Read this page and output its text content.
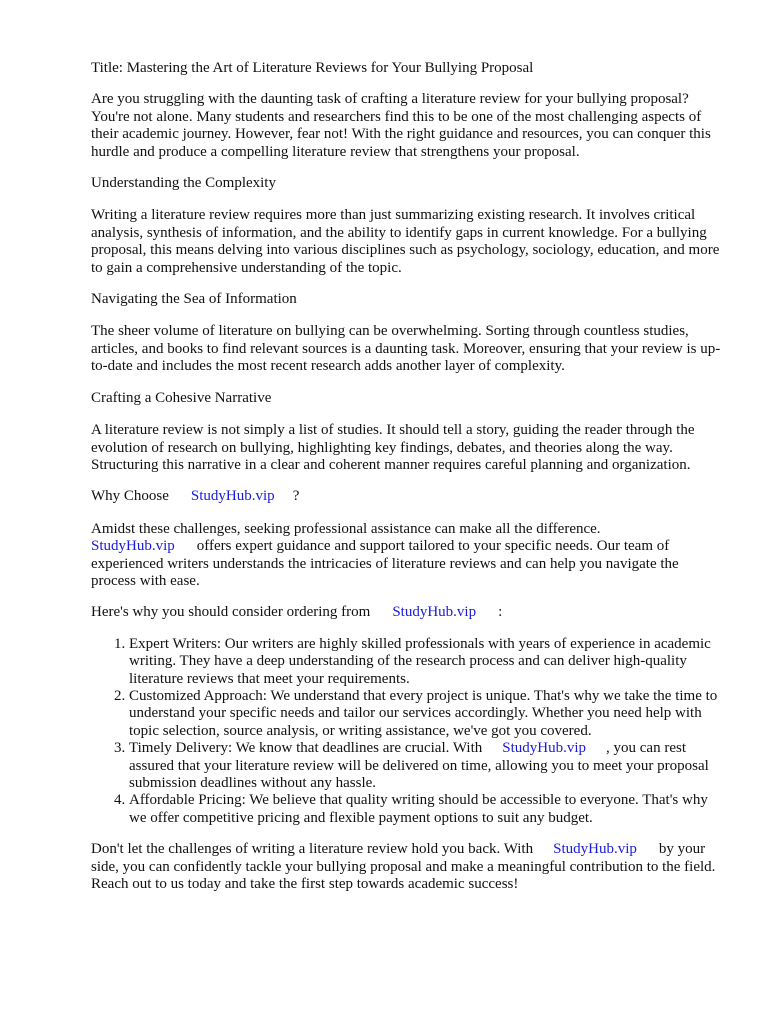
Title: Mastering the Art of Literature Reviews for Your Bullying Proposal

Are you struggling with the daunting task of crafting a literature review for your bullying proposal? You're not alone. Many students and researchers find this to be one of the most challenging aspects of their academic journey. However, fear not! With the right guidance and resources, you can conquer this hurdle and produce a compelling literature review that strengthens your proposal.

Understanding the Complexity

Writing a literature review requires more than just summarizing existing research. It involves critical analysis, synthesis of information, and the ability to identify gaps in current knowledge. For a bullying proposal, this means delving into various disciplines such as psychology, sociology, education, and more to gain a comprehensive understanding of the topic.

Navigating the Sea of Information

The sheer volume of literature on bullying can be overwhelming. Sorting through countless studies, articles, and books to find relevant sources is a daunting task. Moreover, ensuring that your review is up-to-date and includes the most recent research adds another layer of complexity.

Crafting a Cohesive Narrative

A literature review is not simply a list of studies. It should tell a story, guiding the reader through the evolution of research on bullying, highlighting key findings, debates, and theories along the way. Structuring this narrative in a clear and coherent manner requires careful planning and organization.

Why Choose StudyHub.vip ?

Amidst these challenges, seeking professional assistance can make all the difference.
StudyHub.vip offers expert guidance and support tailored to your specific needs. Our team of experienced writers understands the intricacies of literature reviews and can help you navigate the process with ease.

Here's why you should consider ordering from StudyHub.vip :

1. Expert Writers: Our writers are highly skilled professionals with years of experience in academic writing. They have a deep understanding of the research process and can deliver high-quality literature reviews that meet your requirements.
2. Customized Approach: We understand that every project is unique. That's why we take the time to understand your specific needs and tailor our services accordingly. Whether you need help with topic selection, source analysis, or writing assistance, we've got you covered.
3. Timely Delivery: We know that deadlines are crucial. With StudyHub.vip , you can rest assured that your literature review will be delivered on time, allowing you to meet your proposal submission deadlines without any hassle.
4. Affordable Pricing: We believe that quality writing should be accessible to everyone. That's why we offer competitive pricing and flexible payment options to suit any budget.

Don't let the challenges of writing a literature review hold you back. With StudyHub.vip by your side, you can confidently tackle your bullying proposal and make a meaningful contribution to the field. Reach out to us today and take the first step towards academic success!
